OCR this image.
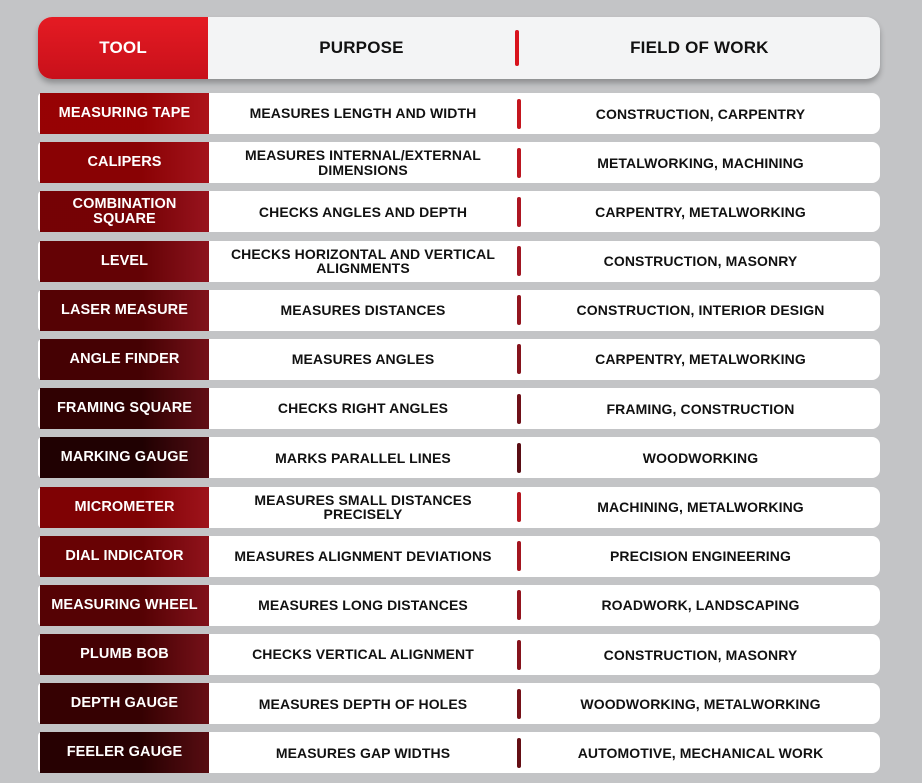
TOOL	PURPOSE	FIELD OF WORK
MEASURING TAPE	MEASURES LENGTH AND WIDTH	CONSTRUCTION, CARPENTRY
CALIPERS	MEASURES INTERNAL/EXTERNAL DIMENSIONS	METALWORKING, MACHINING
COMBINATION SQUARE	CHECKS ANGLES AND DEPTH	CARPENTRY, METALWORKING
LEVEL	CHECKS HORIZONTAL AND VERTICAL ALIGNMENTS	CONSTRUCTION, MASONRY
LASER MEASURE	MEASURES DISTANCES	CONSTRUCTION, INTERIOR DESIGN
ANGLE FINDER	MEASURES ANGLES	CARPENTRY, METALWORKING
FRAMING SQUARE	CHECKS RIGHT ANGLES	FRAMING, CONSTRUCTION
MARKING GAUGE	MARKS PARALLEL LINES	WOODWORKING
MICROMETER	MEASURES SMALL DISTANCES PRECISELY	MACHINING, METALWORKING
DIAL INDICATOR	MEASURES ALIGNMENT DEVIATIONS	PRECISION ENGINEERING
MEASURING WHEEL	MEASURES LONG DISTANCES	ROADWORK, LANDSCAPING
PLUMB BOB	CHECKS VERTICAL ALIGNMENT	CONSTRUCTION, MASONRY
DEPTH GAUGE	MEASURES DEPTH OF HOLES	WOODWORKING, METALWORKING
FEELER GAUGE	MEASURES GAP WIDTHS	AUTOMOTIVE, MECHANICAL WORK
